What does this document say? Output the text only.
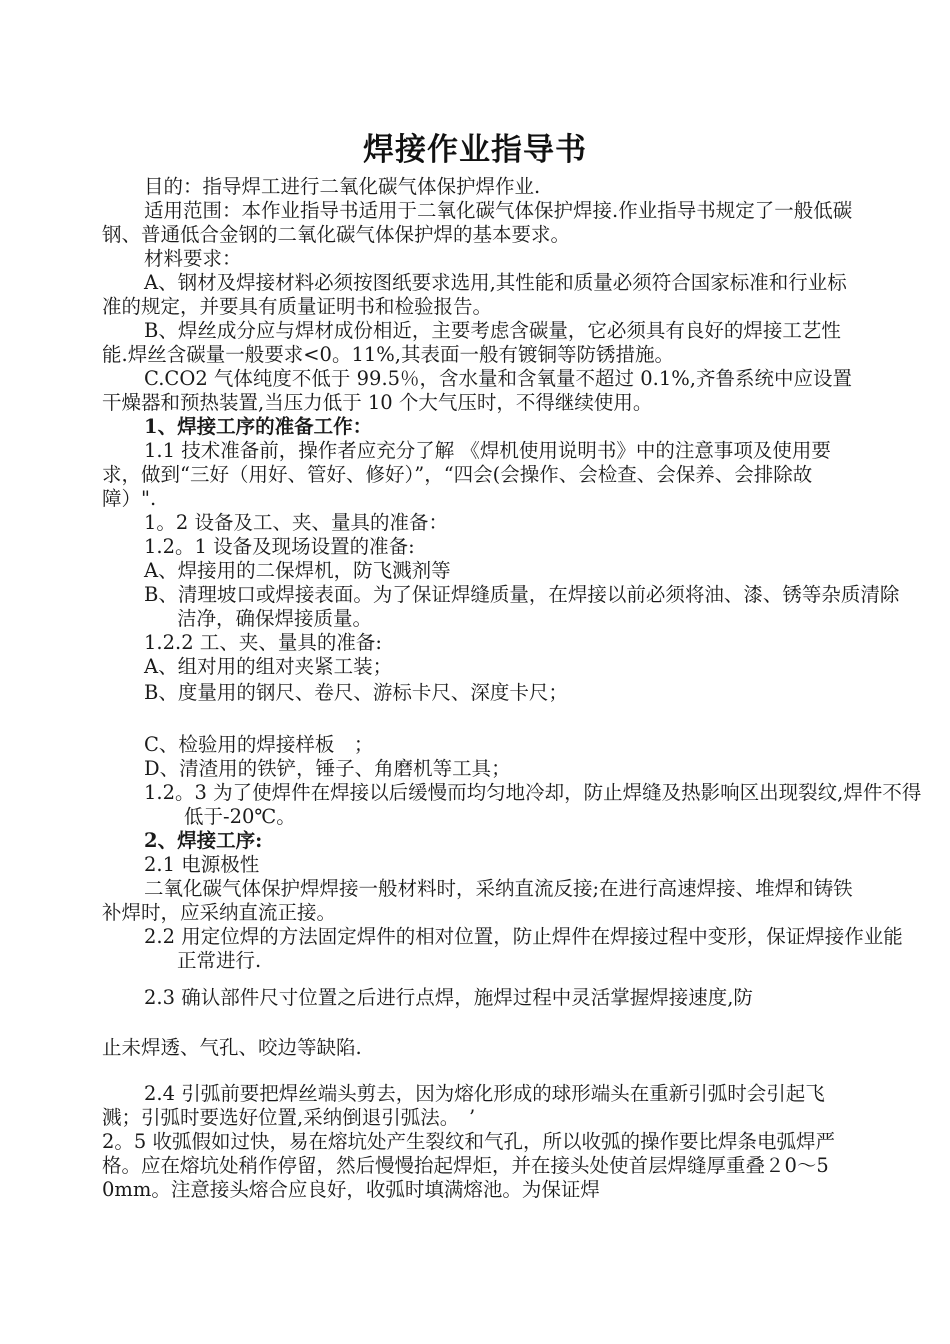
焊接作业指导书
目的：指导焊工进行二氧化碳气体保护焊作业.
适用范围：本作业指导书适用于二氧化碳气体保护焊接.作业指导书规定了一般低碳钢、普通低合金钢的二氧化碳气体保护焊的基本要求。
材料要求：
A、钢材及焊接材料必须按图纸要求选用,其性能和质量必须符合国家标准和行业标准的规定，并要具有质量证明书和检验报告。
B、焊丝成分应与焊材成份相近，主要考虑含碳量，它必须具有良好的焊接工艺性能.焊丝含碳量一般要求<0。11%,其表面一般有镀铜等防锈措施。
C.CO2 气体纯度不低于 99.5％，含水量和含氧量不超过 0.1%,齐鲁系统中应设置干燥器和预热装置,当压力低于 10 个大气压时，不得继续使用。
1、焊接工序的准备工作：
1.1 技术准备前，操作者应充分了解 《焊机使用说明书》中的注意事项及使用要求，做到“三好（用好、管好、修好）”，“四会(会操作、会检查、会保养、会排除故障）".
1。2 设备及工、夹、量具的准备：
1.2。1 设备及现场设置的准备:
A、焊接用的二保焊机，防飞溅剂等
B、清理坡口或焊接表面。为了保证焊缝质量，在焊接以前必须将油、漆、锈等杂质清除洁净，确保焊接质量。
1.2.2 工、夹、量具的准备:
A、组对用的组对夹紧工装；
B、度量用的钢尺、卷尺、游标卡尺、深度卡尺；
C、检验用的焊接样板　；
D、清渣用的铁铲，锤子、角磨机等工具；
1.2。3 为了使焊件在焊接以后缓慢而均匀地冷却，防止焊缝及热影响区出现裂纹,焊件不得低于-20℃。
2、焊接工序:
2.1 电源极性
二氧化碳气体保护焊焊接一般材料时，采纳直流反接;在进行高速焊接、堆焊和铸铁补焊时，应采纳直流正接。
2.2 用定位焊的方法固定焊件的相对位置，防止焊件在焊接过程中变形，保证焊接作业能正常进行.
2.3 确认部件尺寸位置之后进行点焊，施焊过程中灵活掌握焊接速度,防
止未焊透、气孔、咬边等缺陷.
2.4 引弧前要把焊丝端头剪去，因为熔化形成的球形端头在重新引弧时会引起飞溅；引弧时要选好位置,采纳倒退引弧法。　’
2。5 收弧假如过快，易在熔坑处产生裂纹和气孔，所以收弧的操作要比焊条电弧焊严格。应在熔坑处稍作停留，然后慢慢抬起焊炬，并在接头处使首层焊缝厚重叠２0～5 0mm。注意接头熔合应良好，收弧时填满熔池。为保证焊
